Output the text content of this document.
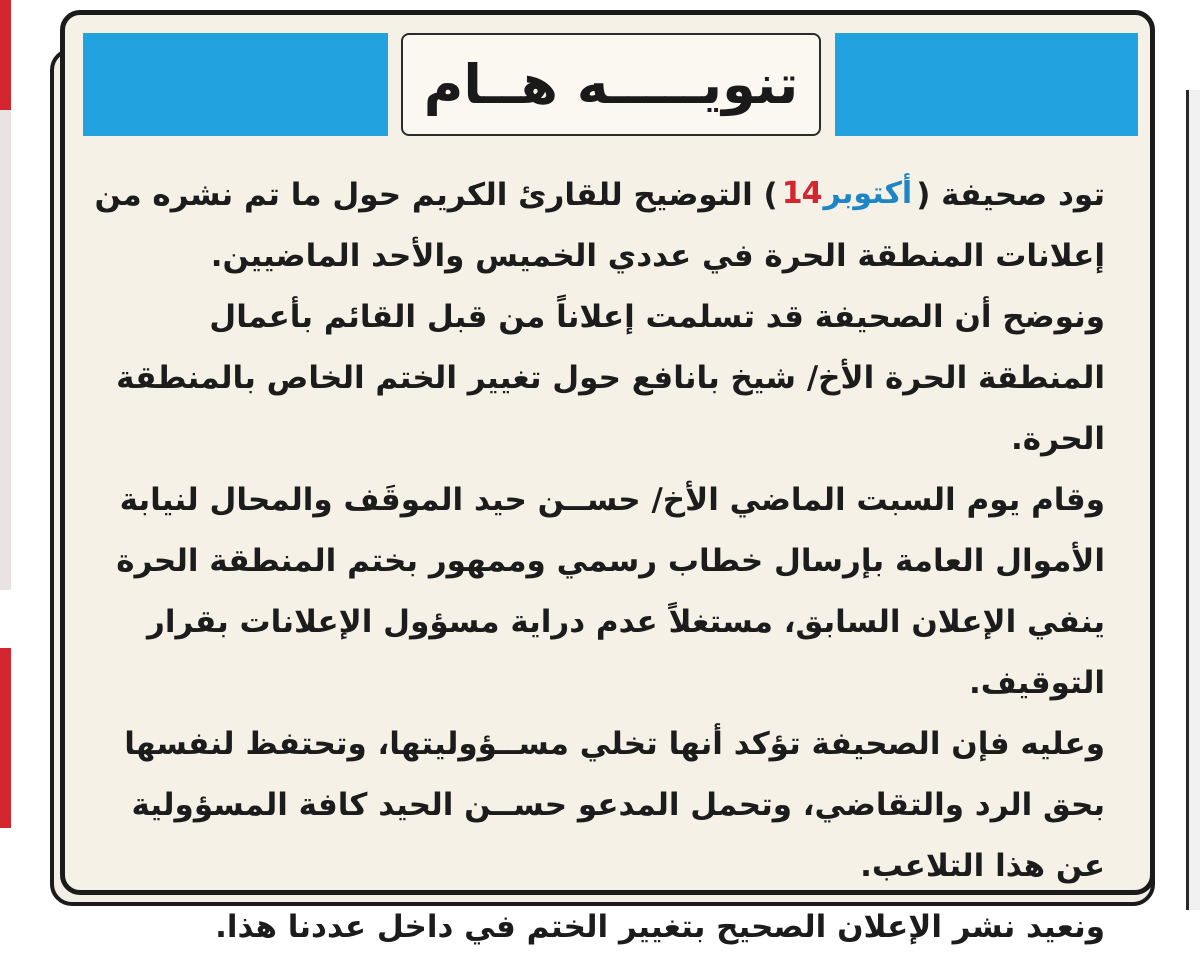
تنويـــــه هــام

تود صحيفة (
14 أكتوبر
) التوضيح للقارئ الكريم حول ما تم نشره من إعلانات المنطقة الحرة في عددي الخميس والأحد الماضيين.

ونوضح أن الصحيفة قد تسلمت إعلاناً من قبل القائم بأعمال المنطقة الحرة الأخ/ شيخ بانافع حول تغيير الختم الخاص بالمنطقة الحرة.

وقام يوم السبت الماضي الأخ/ حســن حيد الموقَف والمحال لنيابة الأموال العامة بإرسال خطاب رسمي وممهور بختم المنطقة الحرة ينفي الإعلان السابق، مستغلاً عدم دراية مسؤول الإعلانات بقرار التوقيف.

وعليه فإن الصحيفة تؤكد أنها تخلي مســؤوليتها، وتحتفظ لنفسها بحق الرد والتقاضي، وتحمل المدعو حســن الحيد كافة المسؤولية عن هذا التلاعب.

ونعيد نشر الإعلان الصحيح بتغيير الختم في داخل عددنا هذا.
